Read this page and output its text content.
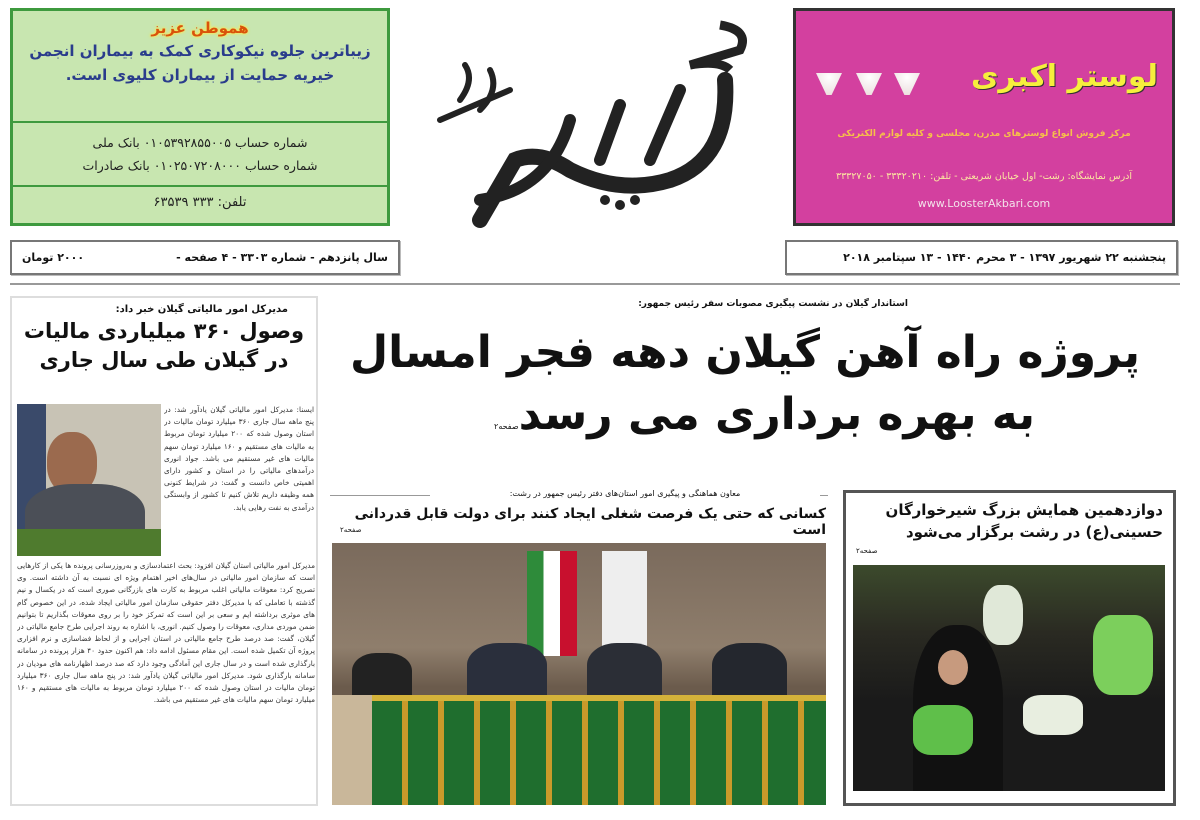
هموطن عزیز
زیباترین جلوه نیکوکاری کمک به بیماران انجمن خیریه حمایت از بیماران کلیوی است.
شماره حساب ۰۱۰۵۳۹۲۸۵۵۰۰۵ بانک ملی
شماره حساب ۰۱۰۲۵۰۷۲۰۸۰۰۰ بانک صادرات
تلفن: ۳۳۳ ۶۳۵۳۹
لوستر اکبری
مرکز فروش انواع لوسترهای مدرن، مجلسی و کلیه لوازم الکتریکی
آدرس نمایشگاه: رشت- اول خیابان شریعتی - تلفن: ۳۳۳۲۰۲۱۰ - ۳۳۳۲۷۰۵۰
www.LoosterAkbari.com
سال پانزدهم - شماره ۳۳۰۳ - ۴ صفحه -
۲۰۰۰ تومان	پنجشنبه ۲۲ شهریور ۱۳۹۷ - ۳ محرم ۱۴۴۰ - ۱۳ سپتامبر ۲۰۱۸
مدیرکل امور مالیاتی گیلان خبر داد:
وصول ۳۶۰ میلیاردی مالیات
در گیلان طی سال جاری
ایسنا: مدیرکل امور مالیاتی گیلان یادآور شد: در پنج ماهه سال جاری ۳۶۰ میلیارد تومان مالیات در استان وصول شده که ۲۰۰ میلیارد تومان مربوط به مالیات های مستقیم و ۱۶۰ میلیارد تومان سهم مالیات های غیر مستقیم می باشد. جواد انوری درآمدهای مالیاتی را در استان و کشور دارای اهمیتی خاص دانست و گفت: در شرایط کنونی همه وظیفه داریم تلاش کنیم تا کشور از وابستگی درآمدی به نفت رهایی یابد.
مدیرکل امور مالیاتی استان گیلان افزود: بحث اعتمادسازی و به‌روزرسانی پرونده ها یکی از کارهایی است که سازمان امور مالیاتی در سال‌های اخیر اهتمام ویژه ای نسبت به آن داشته است. وی تصریح کرد: معوقات مالیاتی اغلب مربوط به کارت های بازرگانی صوری است که در یکسال و نیم گذشته با تعاملی که با مدیرکل دفتر حقوقی سازمان امور مالیاتی ایجاد شده، در این خصوص گام های موثری برداشته ایم و سعی بر این است که تمرکز خود را بر روی معوقات بگذاریم تا بتوانیم ضمن موردی مداری، معوقات را وصول کنیم. انوری، با اشاره به روند اجرایی طرح جامع مالیاتی در گیلان، گفت: صد درصد طرح جامع مالیاتی در استان اجرایی و از لحاظ فضاسازی و نرم افزاری پروژه آن تکمیل شده است. این مقام مسئول ادامه داد: هم اکنون حدود ۴۰ هزار پرونده در سامانه بارگذاری شده است و در سال جاری این آمادگی وجود دارد که صد درصد اظهارنامه های مودیان در سامانه بارگذاری شود. مدیرکل امور مالیاتی گیلان یادآور شد: در پنج ماهه سال جاری ۳۶۰ میلیارد تومان مالیات در استان وصول شده که ۲۰۰ میلیارد تومان مربوط به مالیات های مستقیم و ۱۶۰ میلیارد تومان سهم مالیات های غیر مستقیم می باشد.
استاندار گیلان در نشست پیگیری مصوبات سفر رئیس جمهور:
پروژه راه آهن گیلان دهه فجر امسال
به بهره برداری می رسدصفحه۲
معاون هماهنگی و پیگیری امور استان‌های دفتر رئیس جمهور در رشت:
کسانی که حتی یک فرصت شغلی ایجاد کنند برای دولت قابل قدردانی است
صفحه۲
دوازدهمین همایش بزرگ شیرخوارگان
حسینی(ع) در رشت برگزار می‌شود
صفحه۲
